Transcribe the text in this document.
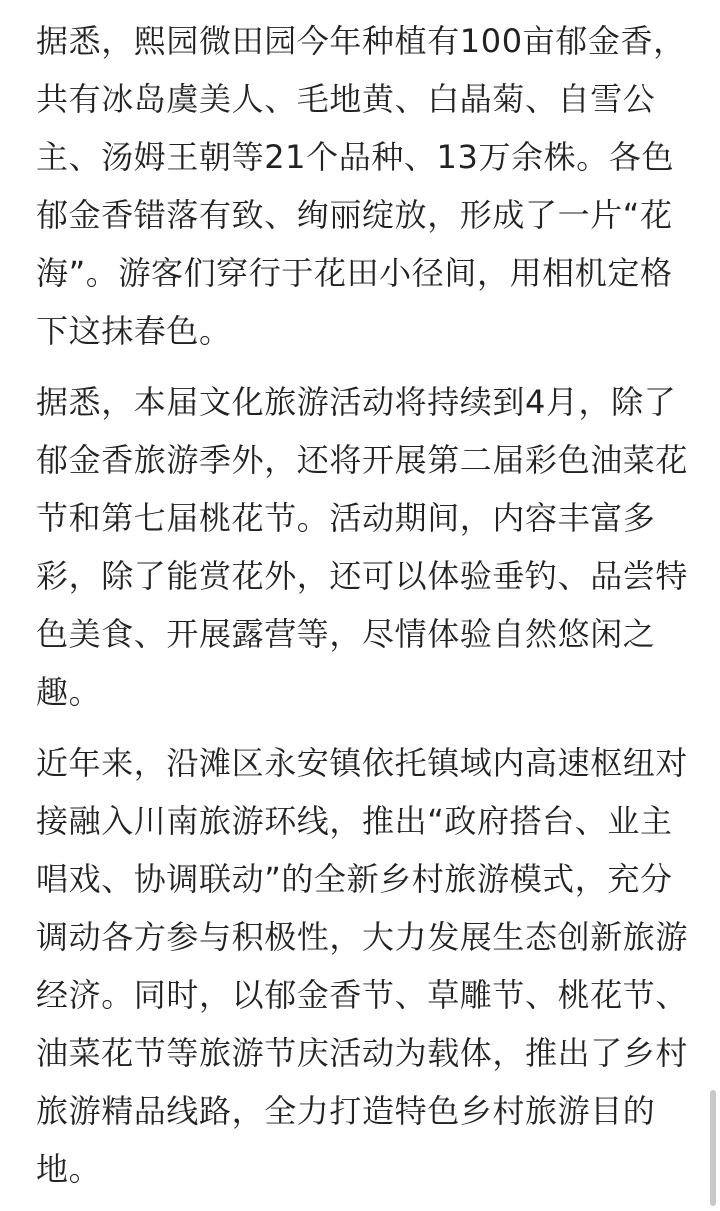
据悉，熙园微田园今年种植有100亩郁金香，共有冰岛虞美人、毛地黄、白晶菊、自雪公主、汤姆王朝等21个品种、13万余株。各色郁金香错落有致、绚丽绽放，形成了一片“花海”。游客们穿行于花田小径间，用相机定格下这抹春色。

据悉，本届文化旅游活动将持续到4月，除了郁金香旅游季外，还将开展第二届彩色油菜花节和第七届桃花节。活动期间，内容丰富多彩，除了能赏花外，还可以体验垂钓、品尝特色美食、开展露营等，尽情体验自然悠闲之趣。

近年来，沿滩区永安镇依托镇域内高速枢纽对接融入川南旅游环线，推出“政府搭台、业主唱戏、协调联动”的全新乡村旅游模式，充分调动各方参与积极性，大力发展生态创新旅游经济。同时，以郁金香节、草雕节、桃花节、油菜花节等旅游节庆活动为载体，推出了乡村旅游精品线路，全力打造特色乡村旅游目的地。
